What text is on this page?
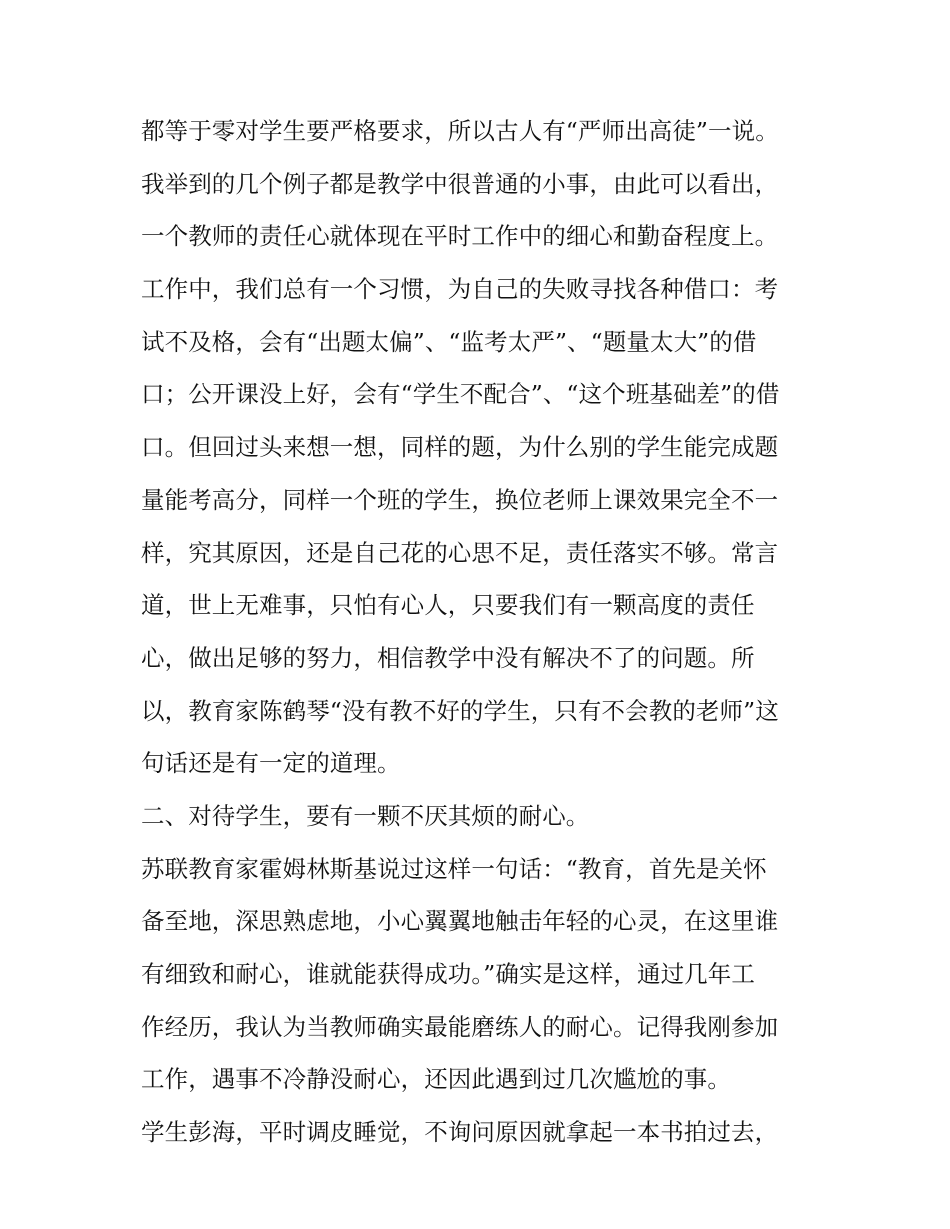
都等于零对学生要严格要求，所以古人有“严师出高徒”一说。
我举到的几个例子都是教学中很普通的小事，由此可以看出，
一个教师的责任心就体现在平时工作中的细心和勤奋程度上。
工作中，我们总有一个习惯，为自己的失败寻找各种借口：考
试不及格，会有“出题太偏”、“监考太严”、“题量太大”的借
口；公开课没上好，会有“学生不配合”、“这个班基础差”的借
口。但回过头来想一想，同样的题，为什么别的学生能完成题
量能考高分，同样一个班的学生，换位老师上课效果完全不一
样，究其原因，还是自己花的心思不足，责任落实不够。常言
道，世上无难事，只怕有心人，只要我们有一颗高度的责任
心，做出足够的努力，相信教学中没有解决不了的问题。所
以，教育家陈鹤琴“没有教不好的学生，只有不会教的老师”这
句话还是有一定的道理。
二、对待学生，要有一颗不厌其烦的耐心。
苏联教育家霍姆林斯基说过这样一句话：“教育，首先是关怀
备至地，深思熟虑地，小心翼翼地触击年轻的心灵，在这里谁
有细致和耐心，谁就能获得成功。”确实是这样，通过几年工
作经历，我认为当教师确实最能磨练人的耐心。记得我刚参加
工作，遇事不冷静没耐心，还因此遇到过几次尴尬的事。
学生彭海，平时调皮睡觉，不询问原因就拿起一本书拍过去，
